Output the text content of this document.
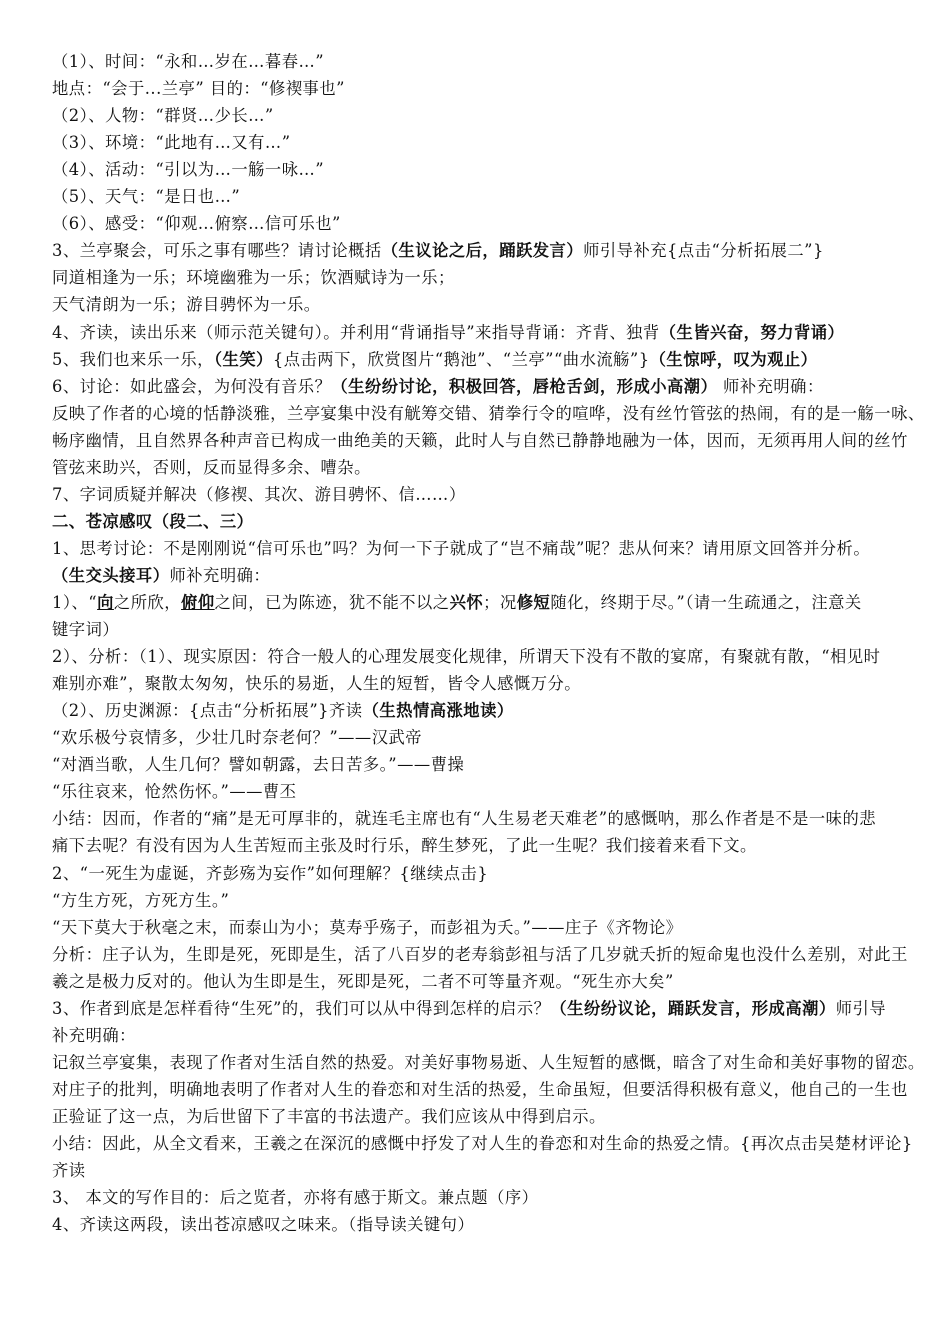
（1）、时间：“永和…岁在…暮春…”
地点：“会于...兰亭” 目的：“修禊事也”
（2）、人物：“群贤…少长…”
（3）、环境：“此地有…又有…”
（4）、活动：“引以为…一觞一咏…”
（5）、天气：“是日也…”
（6）、感受：“仰观…俯察…信可乐也”
3、兰亭聚会，可乐之事有哪些？请讨论概括（生议论之后，踊跃发言）师引导补充{点击“分析拓展二”}
同道相逢为一乐；环境幽雅为一乐；饮酒赋诗为一乐；
天气清朗为一乐；游目骋怀为一乐。
4、齐读，读出乐来（师示范关键句）。并利用“背诵指导”来指导背诵：齐背、独背（生皆兴奋，努力背诵）
5、我们也来乐一乐，（生笑）{点击两下，欣赏图片“鹅池”、“兰亭”“曲水流觞”}（生惊呼，叹为观止）
6、讨论：如此盛会，为何没有音乐？（生纷纷讨论，积极回答，唇枪舌剑，形成小高潮） 师补充明确：
反映了作者的心境的恬静淡雅，兰亭宴集中没有觥筹交错、猜拳行令的喧哗，没有丝竹管弦的热闹，有的是一觞一咏、
畅序幽情，且自然界各种声音已构成一曲绝美的天籁，此时人与自然已静静地融为一体，因而，无须再用人间的丝竹
管弦来助兴，否则，反而显得多余、嘈杂。
7、字词质疑并解决（修禊、其次、游目骋怀、信……）
二、苍凉感叹（段二、三）
1、思考讨论：不是刚刚说“信可乐也”吗？为何一下子就成了“岂不痛哉”呢？悲从何来？请用原文回答并分析。
（生交头接耳）师补充明确：
1）、“向之所欣，俯仰之间，已为陈迹，犹不能不以之兴怀；况修短随化，终期于尽。”（请一生疏通之，注意关
键字词）
2）、分析：（1）、现实原因：符合一般人的心理发展变化规律，所谓天下没有不散的宴席，有聚就有散，“相见时
难别亦难”，聚散太匆匆，快乐的易逝，人生的短暂，皆令人感慨万分。
（2）、历史渊源：{点击“分析拓展”}齐读（生热情高涨地读）
“欢乐极兮哀情多，少壮几时奈老何？”——汉武帝
“对酒当歌，人生几何？譬如朝露，去日苦多。”——曹操
“乐往哀来，怆然伤怀。”——曹丕
小结：因而，作者的“痛”是无可厚非的，就连毛主席也有“人生易老天难老”的感慨呐，那么作者是不是一味的悲
痛下去呢？有没有因为人生苦短而主张及时行乐，醉生梦死，了此一生呢？我们接着来看下文。
2、“一死生为虚诞，齐彭殇为妄作”如何理解？{继续点击}
“方生方死，方死方生。”
“天下莫大于秋毫之末，而泰山为小；莫寿乎殇子，而彭祖为夭。”——庄子《齐物论》
分析：庄子认为，生即是死，死即是生，活了八百岁的老寿翁彭祖与活了几岁就夭折的短命鬼也没什么差别，对此王
羲之是极力反对的。他认为生即是生，死即是死，二者不可等量齐观。“死生亦大矣”
3、作者到底是怎样看待“生死”的，我们可以从中得到怎样的启示？（生纷纷议论，踊跃发言，形成高潮）师引导
补充明确：
记叙兰亭宴集，表现了作者对生活自然的热爱。对美好事物易逝、人生短暂的感慨，暗含了对生命和美好事物的留恋。
对庄子的批判，明确地表明了作者对人生的眷恋和对生活的热爱，生命虽短，但要活得积极有意义，他自己的一生也
正验证了这一点，为后世留下了丰富的书法遗产。我们应该从中得到启示。
小结：因此，从全文看来，王羲之在深沉的感慨中抒发了对人生的眷恋和对生命的热爱之情。{再次点击吴楚材评论}
齐读
3、 本文的写作目的：后之览者，亦将有感于斯文。兼点题（序）
4、齐读这两段，读出苍凉感叹之味来。（指导读关键句）
